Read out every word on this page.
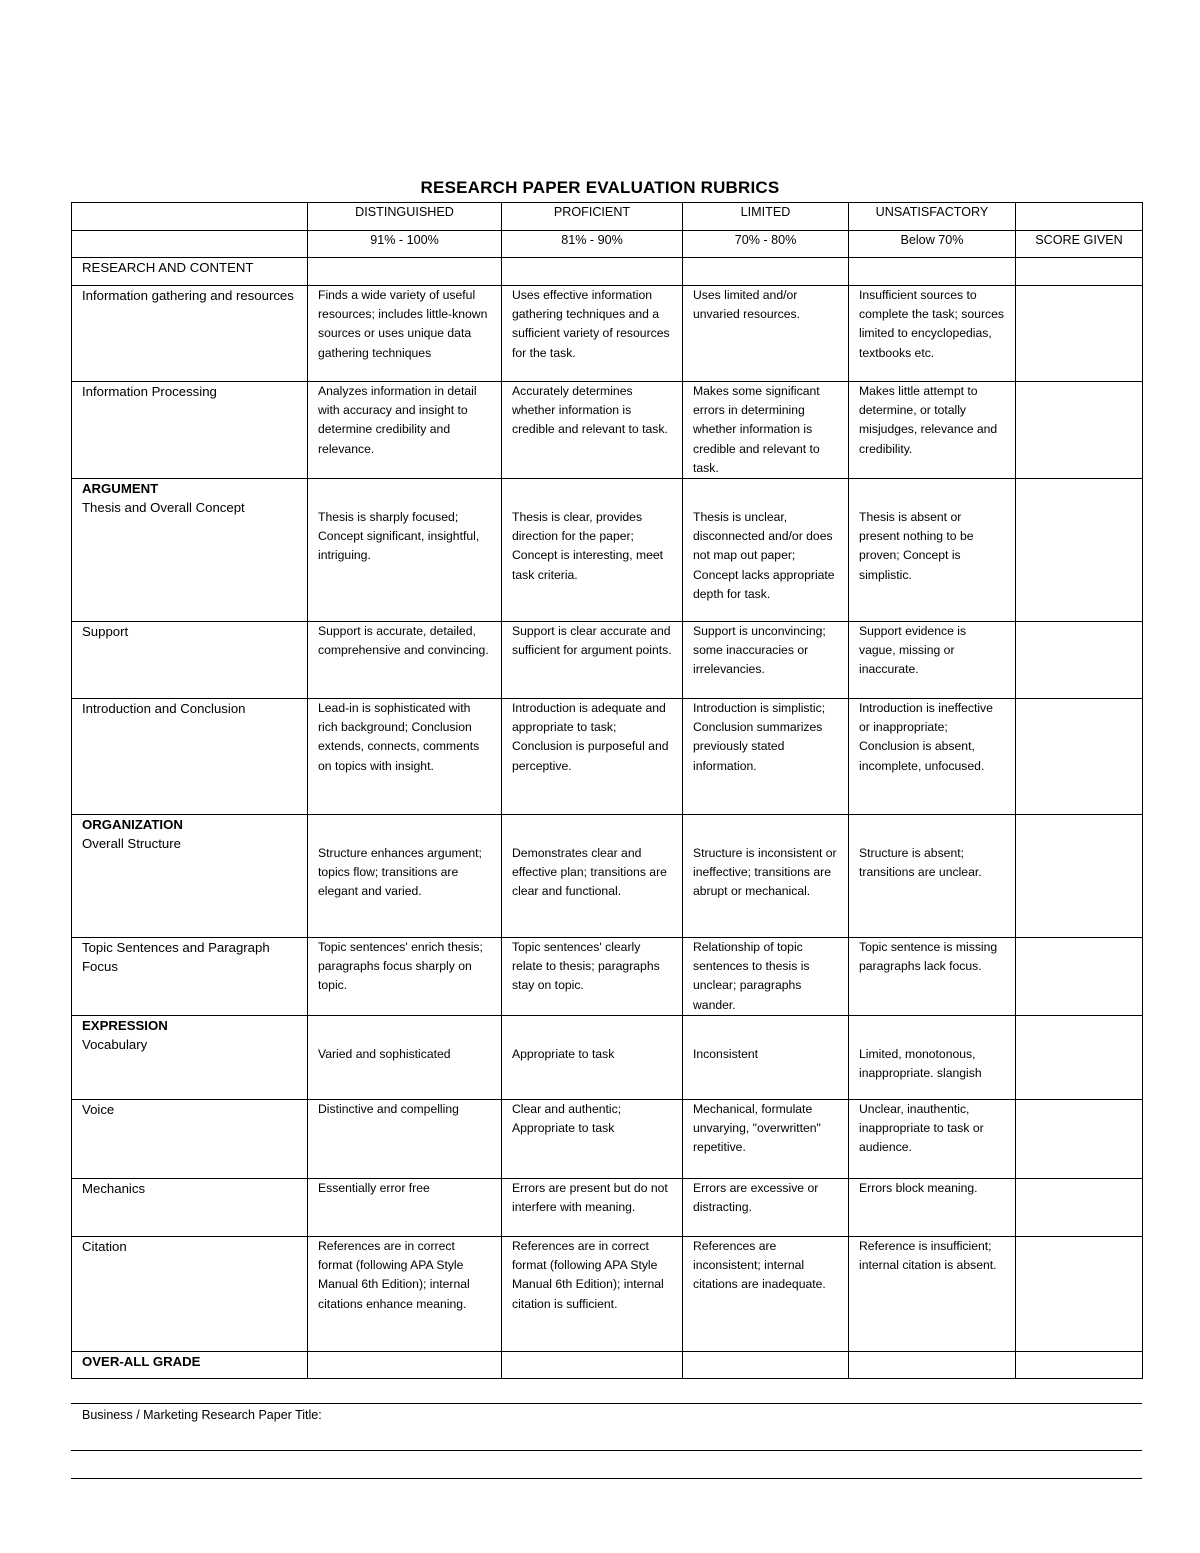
RESEARCH PAPER EVALUATION RUBRICS
	DISTINGUISHED	PROFICIENT	LIMITED	UNSATISFACTORY	
	91% - 100%	81% - 90%	70% - 80%	Below 70%	SCORE GIVEN
RESEARCH AND CONTENT					

Information gathering and resources	Finds a wide variety of useful resources; includes little-known sources or uses unique data gathering techniques	Uses effective information gathering techniques and a sufficient variety of resources for the task.	Uses limited and/or unvaried resources.	Insufficient sources to complete the task; sources limited to encyclopedias, textbooks etc.	

Information Processing	Analyzes information in detail with accuracy and insight to determine credibility and relevance.	Accurately determines whether information is credible and relevant to task.	Makes some significant errors in determining whether information is credible and relevant to task.	Makes little attempt to determine, or totally misjudges, relevance and credibility.	

ARGUMENT
Thesis and Overall Concept	Thesis is sharply focused; Concept significant, insightful, intriguing.	Thesis is clear, provides direction for the paper; Concept is interesting, meet task criteria.	Thesis is unclear, disconnected and/or does not map out paper; Concept lacks appropriate depth for task.	Thesis is absent or present nothing to be proven; Concept is simplistic.	

Support	Support is accurate, detailed, comprehensive and convincing.	Support is clear accurate and sufficient for argument points.	Support is unconvincing; some inaccuracies or irrelevancies.	Support evidence is vague, missing or inaccurate.	

Introduction and Conclusion	Lead-in is sophisticated with rich background; Conclusion extends, connects, comments on topics with insight.	Introduction is adequate and appropriate to task; Conclusion is purposeful and perceptive.	Introduction is simplistic; Conclusion summarizes previously stated information.	Introduction is ineffective or inappropriate; Conclusion is absent, incomplete, unfocused.	

ORGANIZATION
Overall Structure	Structure enhances argument; topics flow; transitions are elegant and varied.	Demonstrates clear and effective plan; transitions are clear and functional.	Structure is inconsistent or ineffective; transitions are abrupt or mechanical.	Structure is absent; transitions are unclear.	

Topic Sentences and Paragraph Focus	Topic sentences' enrich thesis; paragraphs focus sharply on topic.	Topic sentences' clearly relate to thesis; paragraphs stay on topic.	Relationship of topic sentences to thesis is unclear; paragraphs wander.	Topic sentence is missing paragraphs lack focus.	

EXPRESSION
Vocabulary	Varied and sophisticated	Appropriate to task	Inconsistent	Limited, monotonous, inappropriate. slangish	

Voice	Distinctive and compelling	Clear and authentic; Appropriate to task	Mechanical, formulate unvarying, "overwritten" repetitive.	Unclear, inauthentic, inappropriate to task or audience.	

Mechanics	Essentially error free	Errors are present but do not interfere with meaning.	Errors are excessive or distracting.	Errors block meaning.	

Citation	References are in correct format (following APA Style Manual 6th Edition); internal citations enhance meaning.	References are in correct format (following APA Style Manual 6th Edition); internal citation is sufficient.	References are inconsistent; internal citations are inadequate.	Reference is insufficient; internal citation is absent.	

OVER-ALL GRADE					

Business / Marketing Research Paper Title:
